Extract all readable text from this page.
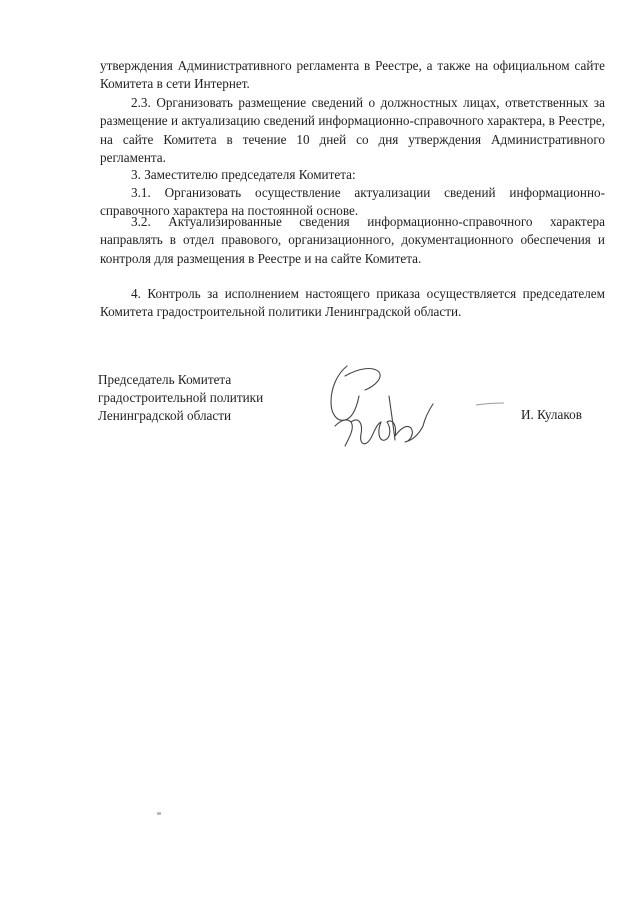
утверждения Административного регламента в Реестре, а также на официальном сайте Комитета в сети Интернет.

2.3. Организовать размещение сведений о должностных лицах, ответственных за размещение и актуализацию сведений информационно-справочного характера, в Реестре, на сайте Комитета в течение 10 дней со дня утверждения Административного регламента.

3. Заместителю председателя Комитета:

3.1. Организовать осуществление актуализации сведений информационно-справочного характера на постоянной основе.

3.2. Актуализированные сведения информационно-справочного характера направлять в отдел правового, организационного, документационного обеспечения и контроля для размещения в Реестре и на сайте Комитета.

4. Контроль за исполнением настоящего приказа осуществляется председателем Комитета градостроительной политики Ленинградской области.

Председатель Комитета
градостроительной политики
Ленинградской области	И. Кулаков
